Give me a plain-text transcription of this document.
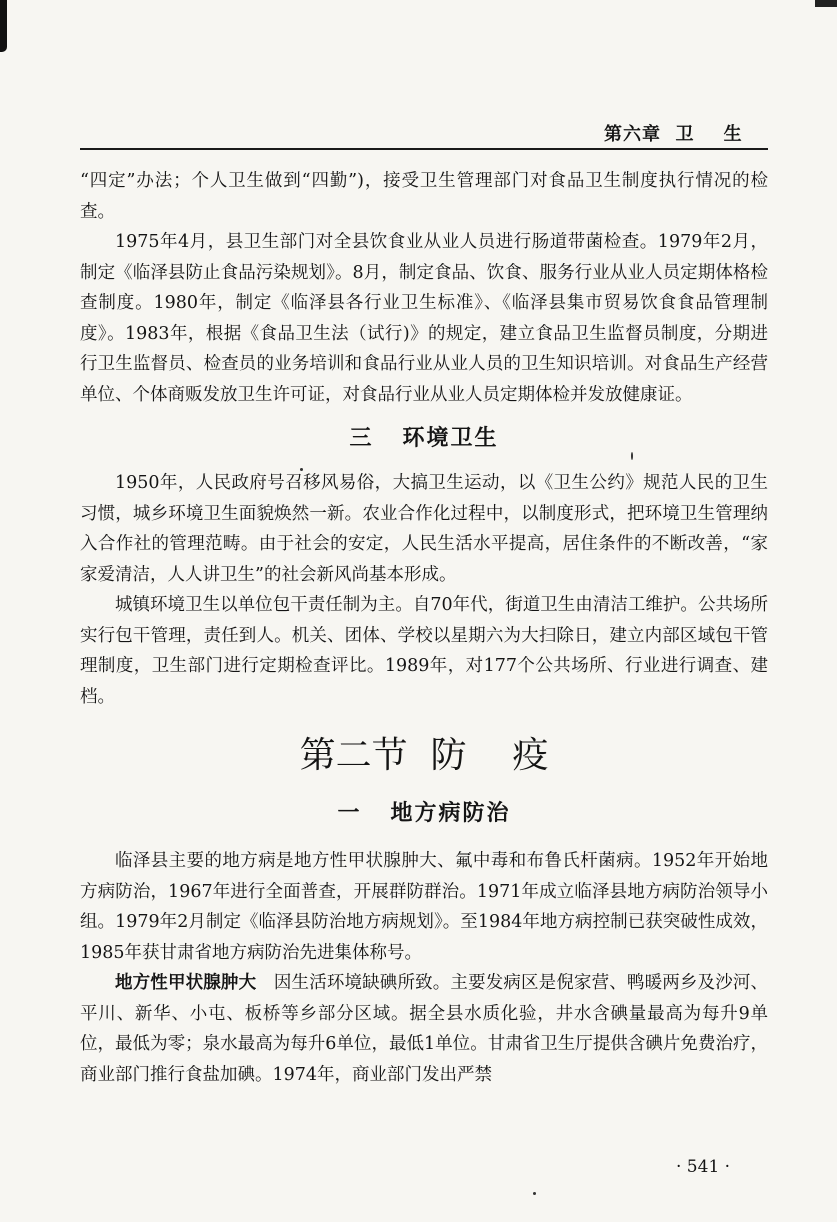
第六章  卫    生

“四定”办法；个人卫生做到“四勤”)，接受卫生管理部门对食品卫生制度执行情况的检查。

1975年4月，县卫生部门对全县饮食业从业人员进行肠道带菌检查。1979年2月，制定《临泽县防止食品污染规划》。8月，制定食品、饮食、服务行业从业人员定期体格检查制度。1980年，制定《临泽县各行业卫生标准》、《临泽县集市贸易饮食食品管理制度》。1983年，根据《食品卫生法（试行)》的规定，建立食品卫生监督员制度，分期进行卫生监督员、检查员的业务培训和食品行业从业人员的卫生知识培训。对食品生产经营单位、个体商贩发放卫生许可证，对食品行业从业人员定期体检并发放健康证。

三   环境卫生

1950年，人民政府号召移风易俗，大搞卫生运动，以《卫生公约》规范人民的卫生习惯，城乡环境卫生面貌焕然一新。农业合作化过程中，以制度形式，把环境卫生管理纳入合作社的管理范畴。由于社会的安定，人民生活水平提高，居住条件的不断改善，“家家爱清洁，人人讲卫生”的社会新风尚基本形成。

城镇环境卫生以单位包干责任制为主。自70年代，街道卫生由清洁工维护。公共场所实行包干管理，责任到人。机关、团体、学校以星期六为大扫除日，建立内部区域包干管理制度，卫生部门进行定期检查评比。1989年，对177个公共场所、行业进行调查、建档。

第二节  防    疫
一   地方病防治

临泽县主要的地方病是地方性甲状腺肿大、氟中毒和布鲁氏杆菌病。1952年开始地方病防治，1967年进行全面普查，开展群防群治。1971年成立临泽县地方病防治领导小组。1979年2月制定《临泽县防治地方病规划》。至1984年地方病控制已获突破性成效，1985年获甘肃省地方病防治先进集体称号。

地方性甲状腺肿大　 因生活环境缺碘所致。主要发病区是倪家营、鸭暖两乡及沙河、平川、新华、小屯、板桥等乡部分区域。据全县水质化验，井水含碘量最高为每升9单位，最低为零；泉水最高为每升6单位，最低1单位。甘肃省卫生厅提供含碘片免费治疗，商业部门推行食盐加碘。1974年，商业部门发出严禁

· 541 ·
